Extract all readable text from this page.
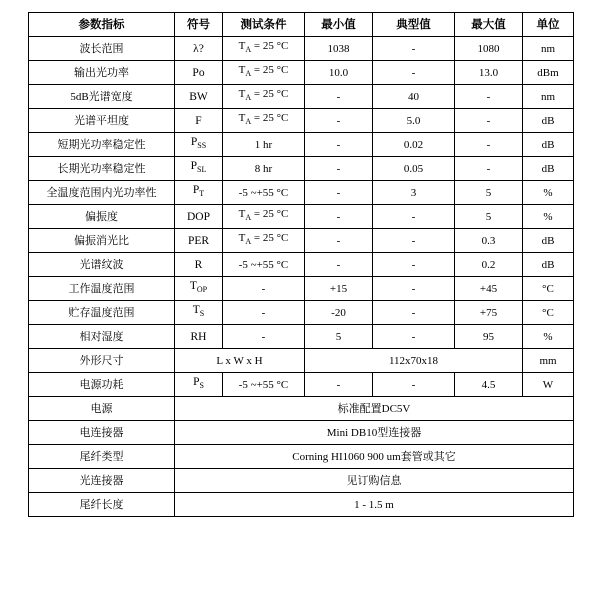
参数指标	符号	测试条件	最小值	典型值	最大值	单位
波长范围	λ?	$T_A = 25$ °C	1038	-	1080	nm
输出光功率	Po	$T_A = 25$ °C	10.0	-	13.0	dBm
5dB光谱宽度	BW	$T_A = 25$ °C	-	40	-	nm
光谱平坦度	F	$T_A = 25$ °C	-	5.0	-	dB
短期光功率稳定性	$P_{SS}$	1 hr	-	0.02	-	dB
长期光功率稳定性	$P_{SL}$	8 hr	-	0.05	-	dB
全温度范围内光功率性	$P_T$	-5 ~+55 °C	-	3	5	%
偏振度	DOP	$T_A = 25$ °C	-	-	5	%
偏振消光比	PER	$T_A = 25$ °C	-	-	0.3	dB
光谱纹波	R	-5 ~+55 °C	-	-	0.2	dB
工作温度范围	$T_{OP}$	-	+15	-	+45	°C
贮存温度范围	$T_S$	-	-20	-	+75	°C
相对湿度	RH	-	5	-	95	%
外形尺寸	L x W x H		112x70x18			mm
电源功耗	$P_S$	-5 ~+55 °C	-	-	4.5	W
电源	标准配置DC5V					
电连接器	Mini DB10型连接器					
尾纤类型	Corning HI1060 900 um套管或其它					
光连接器	见订购信息					
尾纤长度	1 - 1.5 m					
